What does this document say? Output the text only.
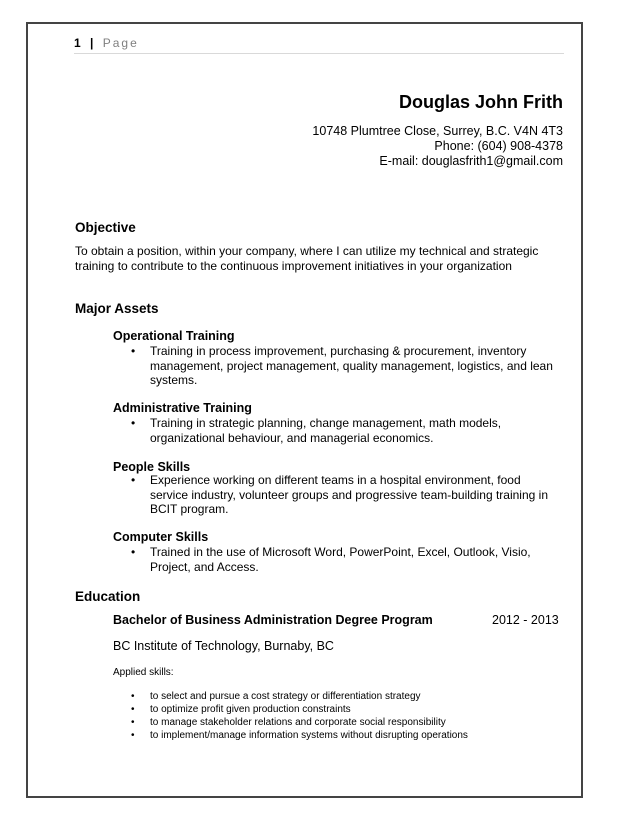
1 | Page
Douglas John Frith
10748 Plumtree Close, Surrey, B.C. V4N 4T3
Phone: (604) 908-4378
E-mail: douglasfrith1@gmail.com
Objective
To obtain a position, within your company, where I can utilize my technical and strategic training to contribute to the continuous improvement initiatives in your organization
Major Assets
Operational Training
• Training in process improvement, purchasing & procurement, inventory management, project management, quality management, logistics, and lean systems.
Administrative Training
• Training in strategic planning, change management, math models, organizational behaviour, and managerial economics.
People Skills
• Experience working on different teams in a hospital environment, food service industry, volunteer groups and progressive team-building training in BCIT program.
Computer Skills
• Trained in the use of Microsoft Word, PowerPoint, Excel, Outlook, Visio, Project, and Access.
Education
Bachelor of Business Administration Degree Program	2012 - 2013
BC Institute of Technology, Burnaby, BC
Applied skills:
• to select and pursue a cost strategy or differentiation strategy
• to optimize profit given production constraints
• to manage stakeholder relations and corporate social responsibility
• to implement/manage information systems without disrupting operations
